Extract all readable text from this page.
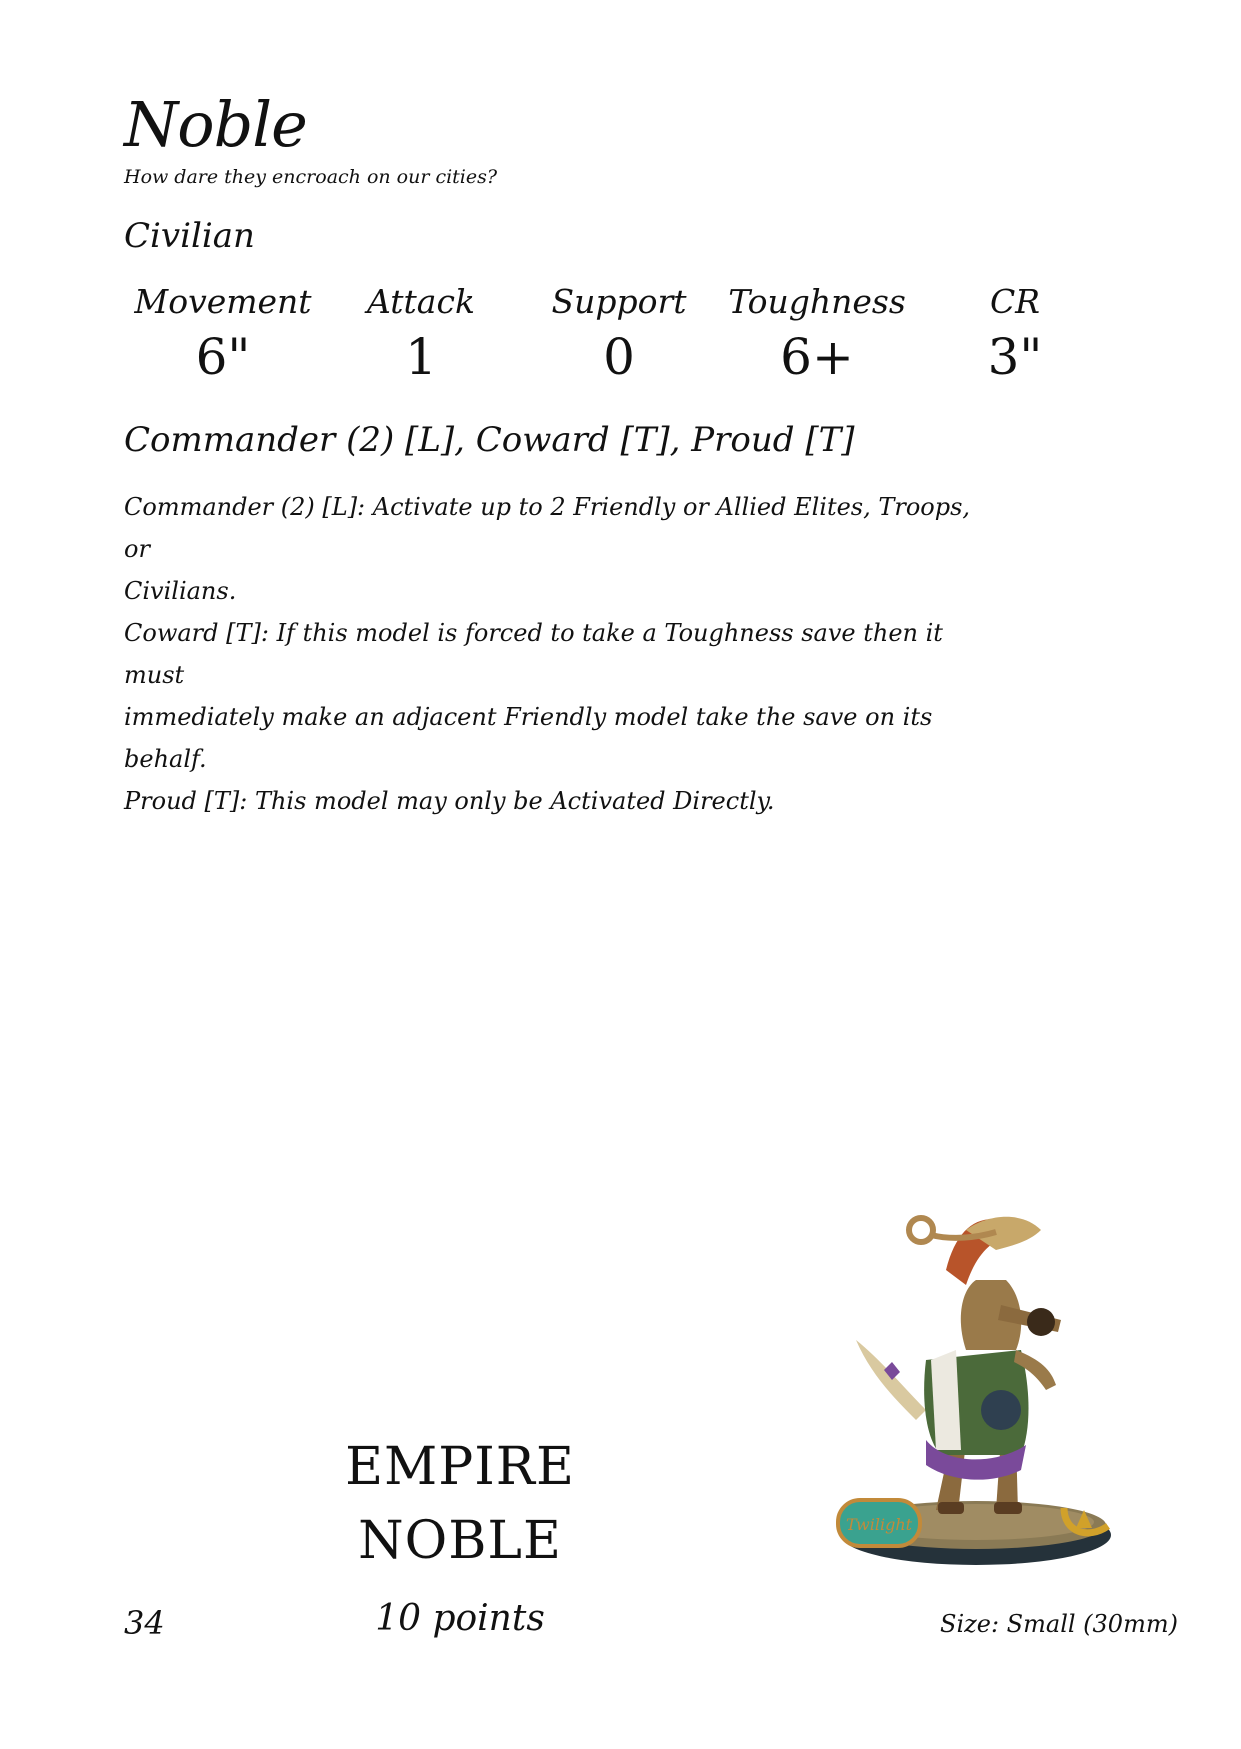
Noble
How dare they encroach on our cities?
Civilian
Movement
6"
Attack
1
Support
0
Toughness
6+
CR
3"
Commander (2) [L], Coward [T], Proud [T]

Commander (2) [L]: Activate up to 2 Friendly or Allied Elites, Troops, or

Civilians.

Coward [T]: If this model is forced to take a Toughness save then it must

immediately make an adjacent Friendly model take the save on its behalf.

Proud [T]: This model may only be Activated Directly.

EMPIRE
NOBLE
10 points
34	Size: Small (30mm)
Twilight
